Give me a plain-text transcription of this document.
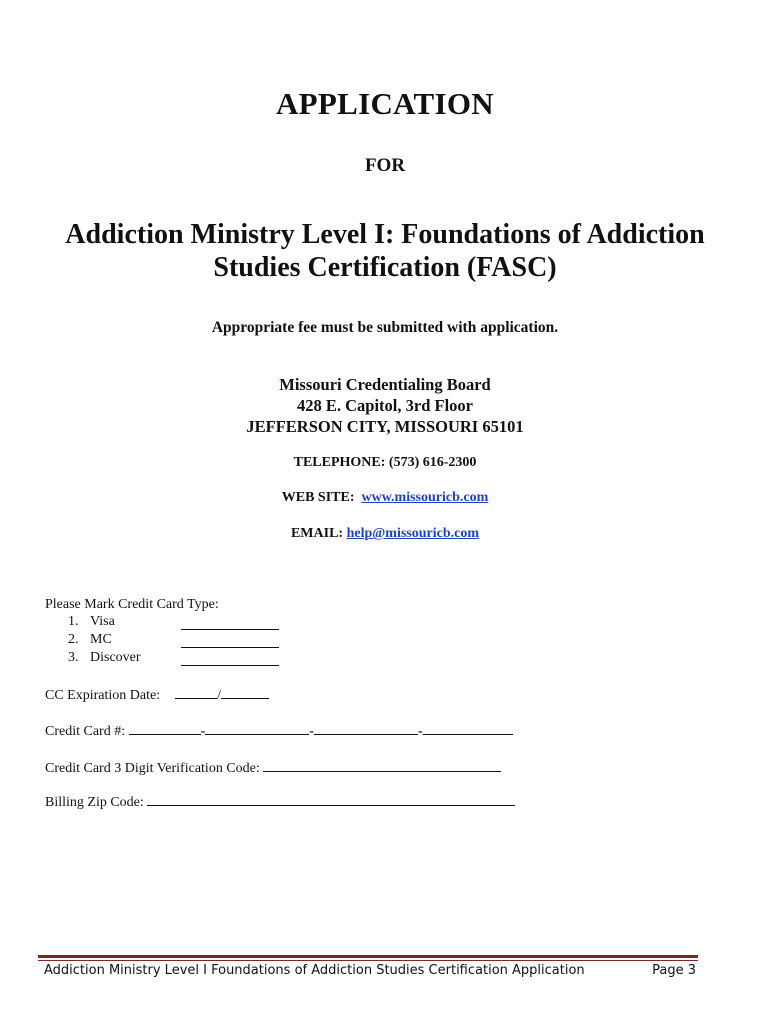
APPLICATION
FOR
Addiction Ministry Level I: Foundations of Addiction
Studies Certification (FASC)
Appropriate fee must be submitted with application.
Missouri Credentialing Board
428 E. Capitol, 3rd Floor
JEFFERSON CITY, MISSOURI 65101
TELEPHONE: (573) 616-2300
WEB SITE: www.missouricb.com
EMAIL: help@missouricb.com
Please Mark Credit Card Type:
1. Visa
2. MC
3. Discover
CC Expiration Date:	/
Credit Card #:	-	-	-
Credit Card 3 Digit Verification Code:
Billing Zip Code:
Addiction Ministry Level I Foundations of Addiction Studies Certification Application	Page 3
